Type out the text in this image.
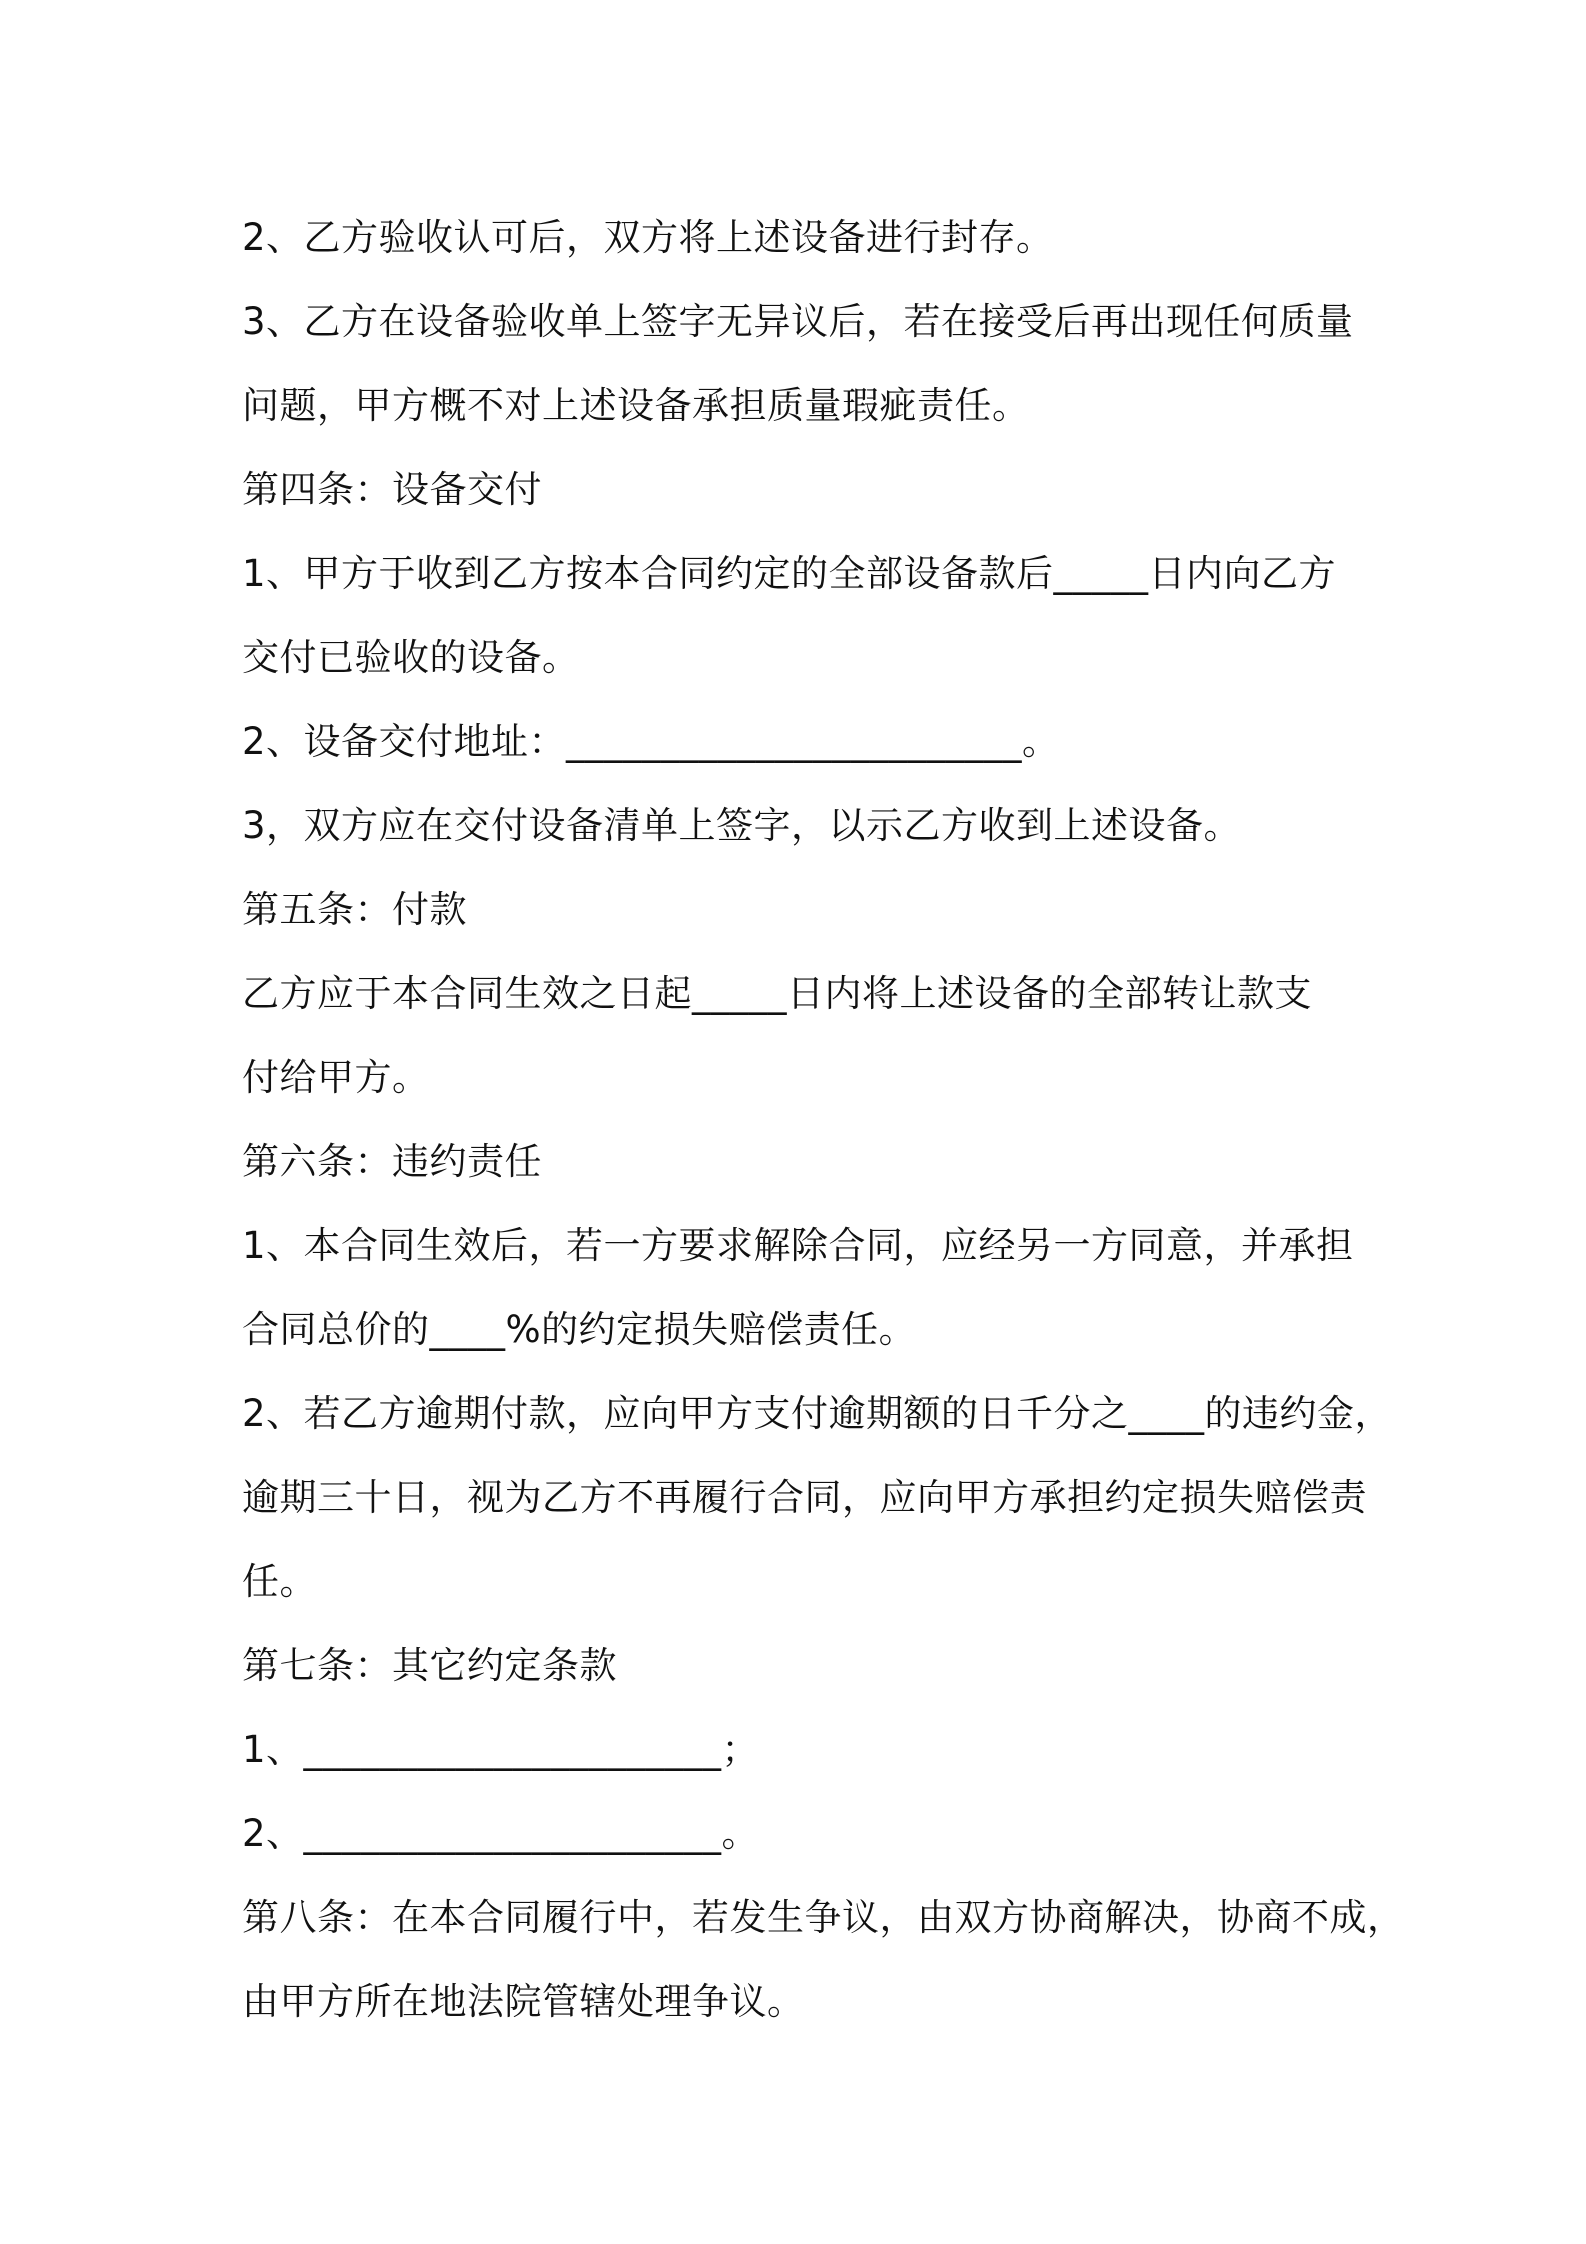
2、乙方验收认可后，双方将上述设备进行封存。
3、乙方在设备验收单上签字无异议后，若在接受后再出现任何质量
问题，甲方概不对上述设备承担质量瑕疵责任。
第四条：设备交付
1、甲方于收到乙方按本合同约定的全部设备款后_____日内向乙方
交付已验收的设备。
2、设备交付地址：________________________。
3，双方应在交付设备清单上签字，以示乙方收到上述设备。
第五条：付款
乙方应于本合同生效之日起_____日内将上述设备的全部转让款支
付给甲方。
第六条：违约责任
1、本合同生效后，若一方要求解除合同，应经另一方同意，并承担
合同总价的____%的约定损失赔偿责任。
2、若乙方逾期付款，应向甲方支付逾期额的日千分之____的违约金，
逾期三十日，视为乙方不再履行合同，应向甲方承担约定损失赔偿责
任。
第七条：其它约定条款
1、______________________；
2、______________________。
第八条：在本合同履行中，若发生争议，由双方协商解决，协商不成，
由甲方所在地法院管辖处理争议。
